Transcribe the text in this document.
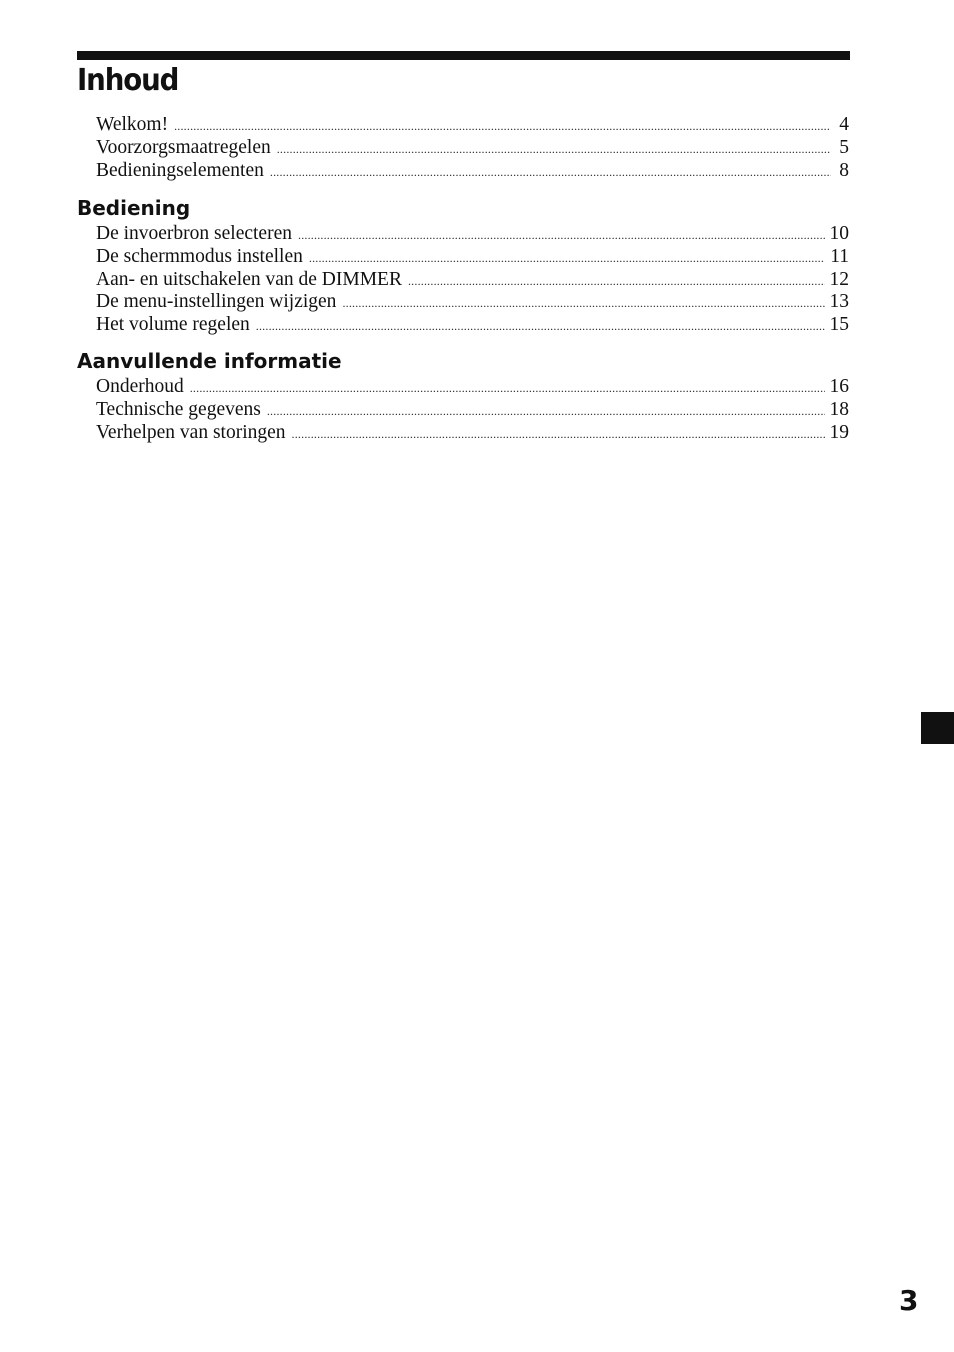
Inhoud
Welkom! .....	4
Voorzorgsmaatregelen .....	5
Bedieningselementen .....	8
Bediening
De invoerbron selecteren .....	10
De schermmodus instellen .....	11
Aan- en uitschakelen van de DIMMER .....	12
De menu-instellingen wijzigen .....	13
Het volume regelen .....	15
Aanvullende informatie
Onderhoud .....	16
Technische gegevens .....	18
Verhelpen van storingen .....	19

3
